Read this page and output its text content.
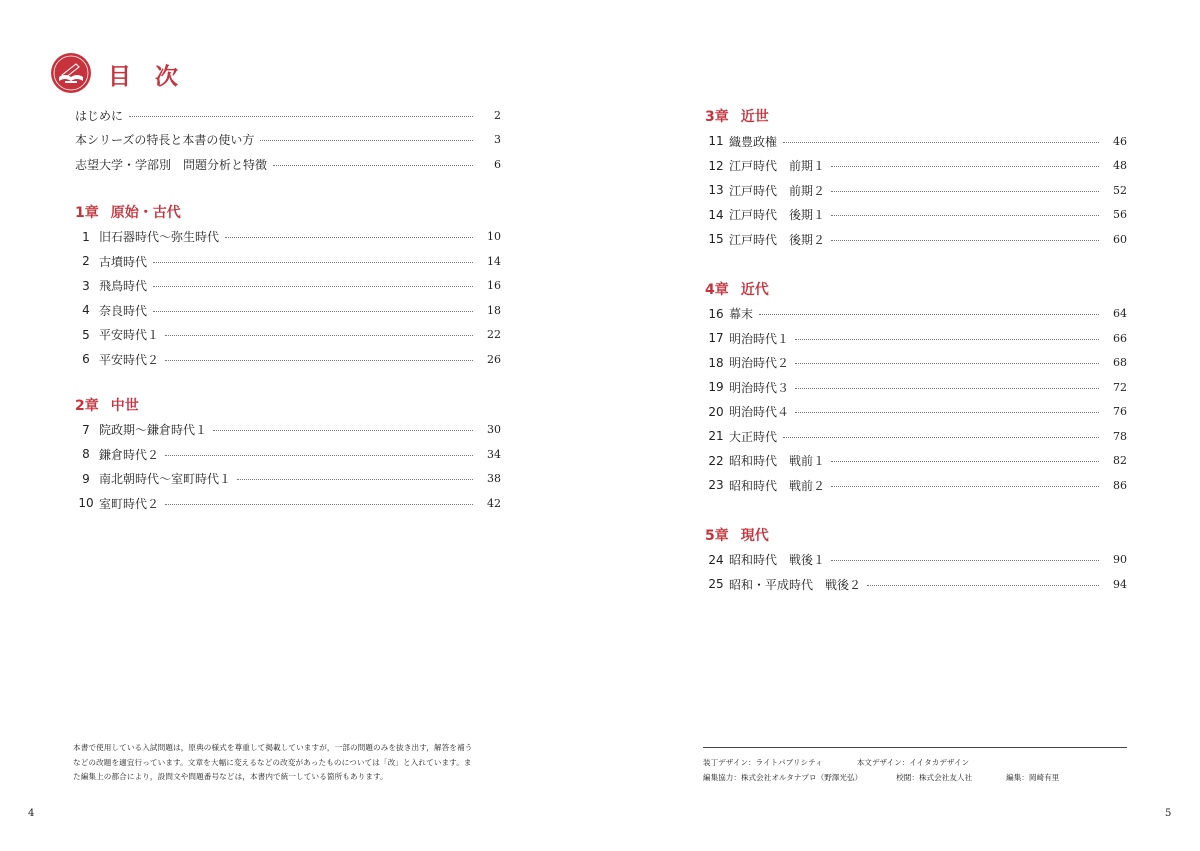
目 次
はじめに	2
本シリーズの特長と本書の使い方	3
志望大学・学部別　問題分析と特徴	6
1章 原始・古代
1 旧石器時代〜弥生時代	10
2 古墳時代	14
3 飛鳥時代	16
4 奈良時代	18
5 平安時代１	22
6 平安時代２	26
2章 中世
7 院政期〜鎌倉時代１	30
8 鎌倉時代２	34
9 南北朝時代〜室町時代１	38
10 室町時代２	42
3章 近世
11 織豊政権	46
12 江戸時代　前期１	48
13 江戸時代　前期２	52
14 江戸時代　後期１	56
15 江戸時代　後期２	60
4章 近代
16 幕末	64
17 明治時代１	66
18 明治時代２	68
19 明治時代３	72
20 明治時代４	76
21 大正時代	78
22 昭和時代　戦前１	82
23 昭和時代　戦前２	86
5章 現代
24 昭和時代　戦後１	90
25 昭和・平成時代　戦後２	94

本書で使用している入試問題は，原典の様式を尊重して掲載していますが，一部の問題のみを抜き出す，解答を補う

などの改題を適宜行っています。文章を大幅に変えるなどの改変があったものについては「改」と入れています。ま

た編集上の都合により，設問文や問題番号などは，本書内で統一している箇所もあります。

装丁デザイン：ライトパブリシティ	本文デザイン：イイタカデザイン
編集協力：株式会社オルタナプロ（野澤光弘）	校閲：株式会社友人社	編集：岡崎有里
4	5
